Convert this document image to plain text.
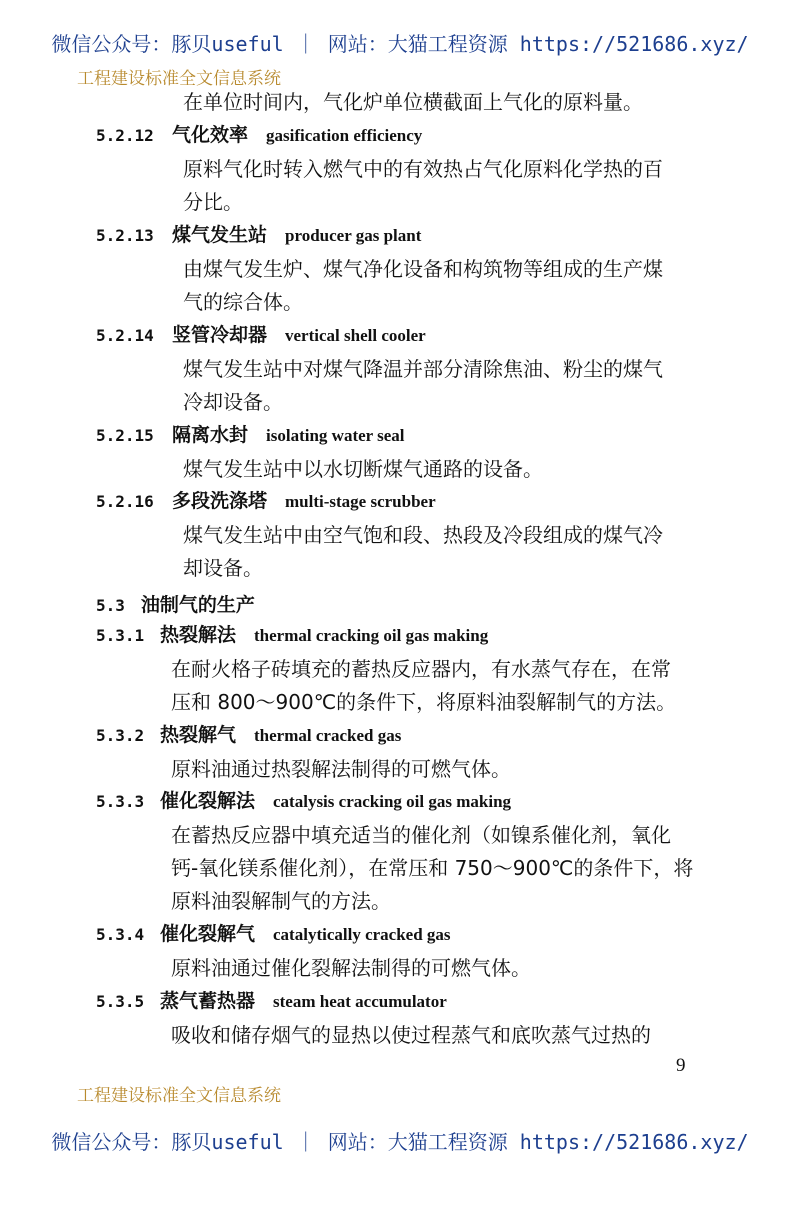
微信公众号：豚贝useful ｜ 网站：大猫工程资源 https://521686.xyz/
工程建设标准全文信息系统
在单位时间内，气化炉单位横截面上气化的原料量。
5.2.12 气化效率 gasification efficiency
原料气化时转入燃气中的有效热占气化原料化学热的百
分比。
5.2.13 煤气发生站 producer gas plant
由煤气发生炉、煤气净化设备和构筑物等组成的生产煤
气的综合体。
5.2.14 竖管冷却器 vertical shell cooler
煤气发生站中对煤气降温并部分清除焦油、粉尘的煤气
冷却设备。
5.2.15 隔离水封 isolating water seal
煤气发生站中以水切断煤气通路的设备。
5.2.16 多段洗涤塔 multi-stage scrubber
煤气发生站中由空气饱和段、热段及冷段组成的煤气冷
却设备。
5.3 油制气的生产
5.3.1 热裂解法 thermal cracking oil gas making
在耐火格子砖填充的蓄热反应器内，有水蒸气存在，在常
压和 800～900℃的条件下，将原料油裂解制气的方法。
5.3.2 热裂解气 thermal cracked gas
原料油通过热裂解法制得的可燃气体。
5.3.3 催化裂解法 catalysis cracking oil gas making
在蓄热反应器中填充适当的催化剂（如镍系催化剂，氧化
钙-氧化镁系催化剂），在常压和 750～900℃的条件下，将
原料油裂解制气的方法。
5.3.4 催化裂解气 catalytically cracked gas
原料油通过催化裂解法制得的可燃气体。
5.3.5 蒸气蓄热器 steam heat accumulator
吸收和储存烟气的显热以使过程蒸气和底吹蒸气过热的
9
工程建设标准全文信息系统
微信公众号：豚贝useful ｜ 网站：大猫工程资源 https://521686.xyz/
